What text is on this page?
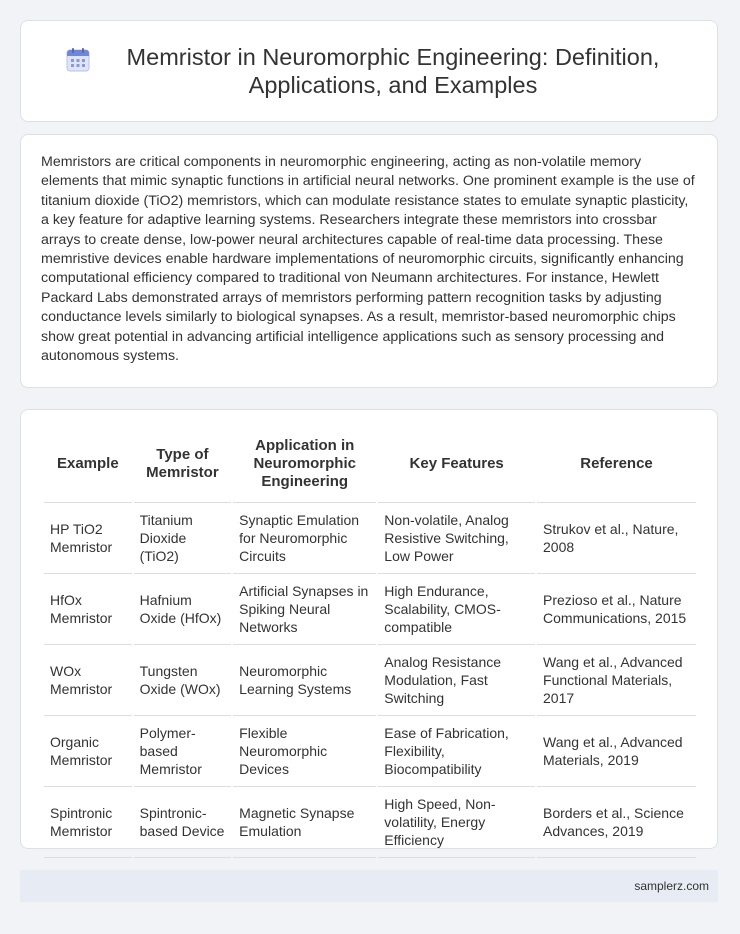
Memristor in Neuromorphic Engineering: Definition, Applications, and Examples

Memristors are critical components in neuromorphic engineering, acting as non-volatile memory elements that mimic synaptic functions in artificial neural networks. One prominent example is the use of titanium dioxide (TiO2) memristors, which can modulate resistance states to emulate synaptic plasticity, a key feature for adaptive learning systems. Researchers integrate these memristors into crossbar arrays to create dense, low-power neural architectures capable of real-time data processing. These memristive devices enable hardware implementations of neuromorphic circuits, significantly enhancing computational efficiency compared to traditional von Neumann architectures. For instance, Hewlett Packard Labs demonstrated arrays of memristors performing pattern recognition tasks by adjusting conductance levels similarly to biological synapses. As a result, memristor-based neuromorphic chips show great potential in advancing artificial intelligence applications such as sensory processing and autonomous systems.

Example	Type of Memristor	Application in Neuromorphic Engineering	Key Features	Reference
HP TiO2 Memristor	Titanium Dioxide (TiO2)	Synaptic Emulation for Neuromorphic Circuits	Non-volatile, Analog Resistive Switching, Low Power	Strukov et al., Nature, 2008
HfOx Memristor	Hafnium Oxide (HfOx)	Artificial Synapses in Spiking Neural Networks	High Endurance, Scalability, CMOS-compatible	Prezioso et al., Nature Communications, 2015
WOx Memristor	Tungsten Oxide (WOx)	Neuromorphic Learning Systems	Analog Resistance Modulation, Fast Switching	Wang et al., Advanced Functional Materials, 2017
Organic Memristor	Polymer-based Memristor	Flexible Neuromorphic Devices	Ease of Fabrication, Flexibility, Biocompatibility	Wang et al., Advanced Materials, 2019
Spintronic Memristor	Spintronic-based Device	Magnetic Synapse Emulation	High Speed, Non-volatility, Energy Efficiency	Borders et al., Science Advances, 2019
samplerz.com
